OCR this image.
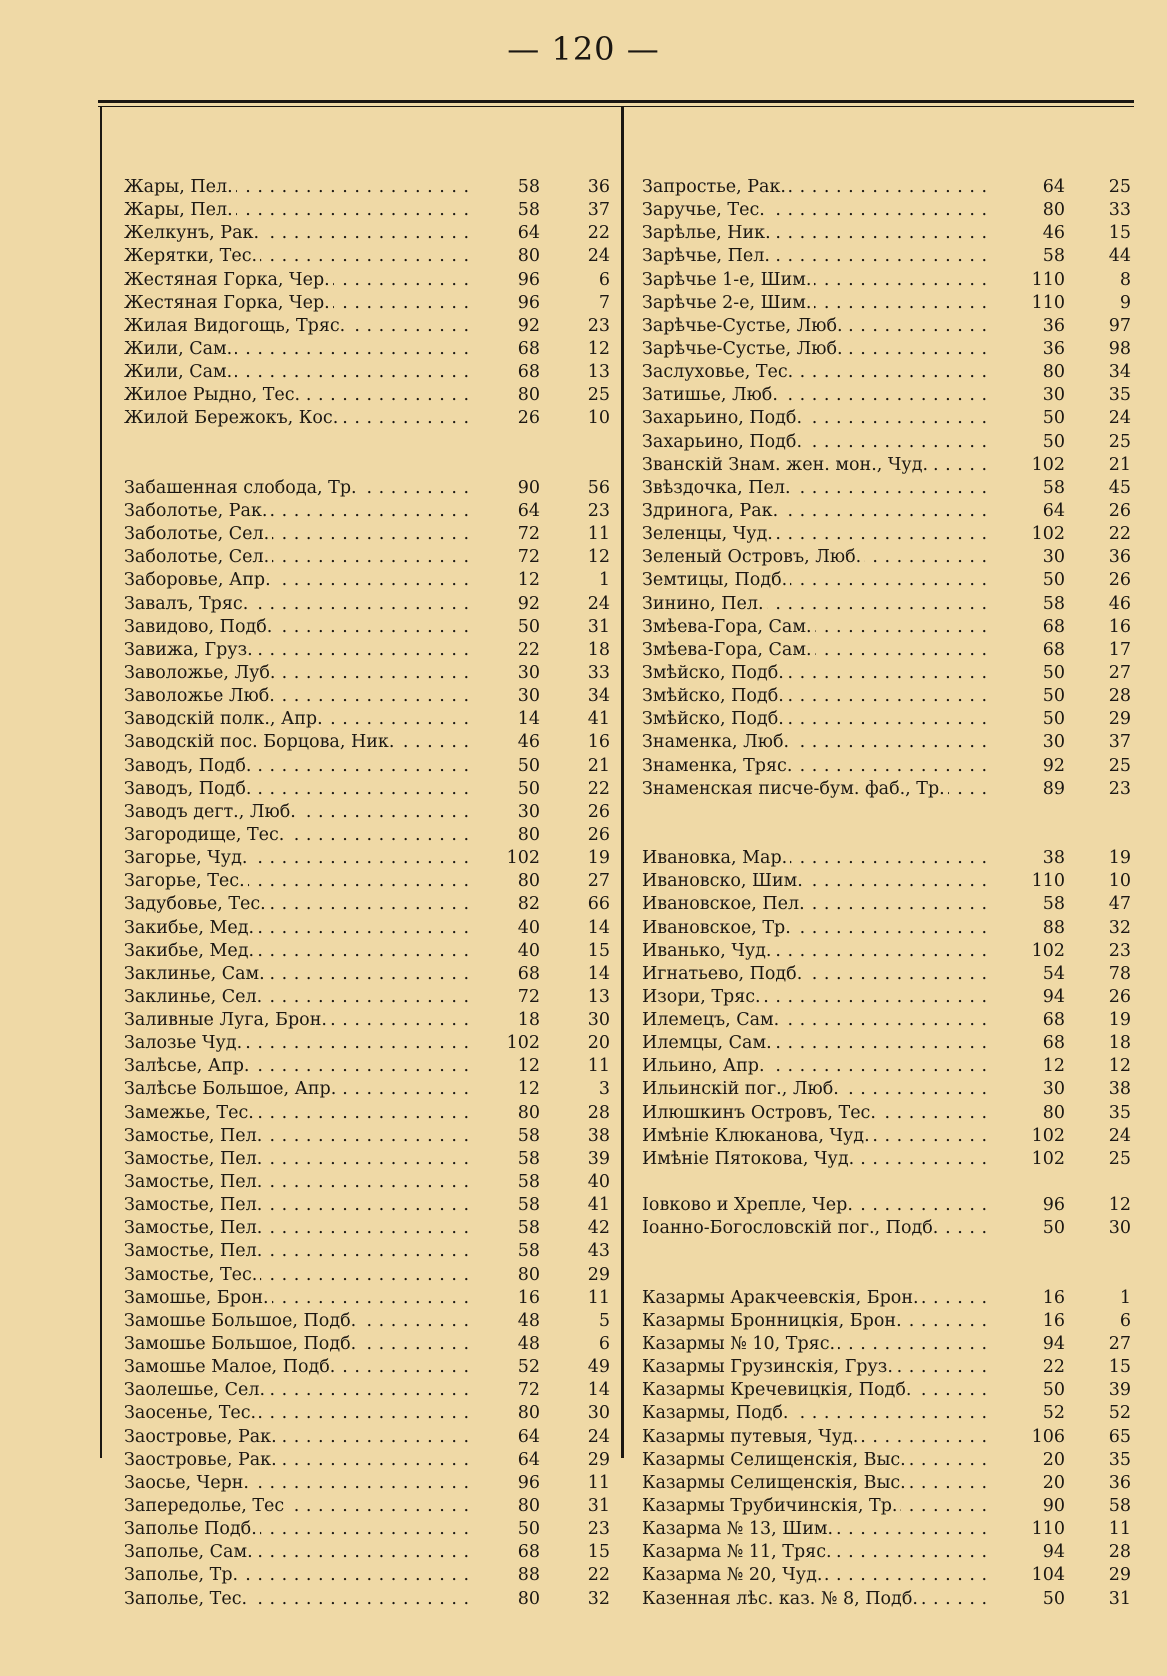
— 120 —
Жары, Пел. . . .	58	36
Жары, Пел. . . .	58	37
Желкунъ, Рак. . . .	64	22
Жерятки, Тес. . . .	80	24
Жестяная Горка, Чер. . . .	96	6
Жестяная Горка, Чер. . . .	96	7
Жилая Видогощь, Тряс. . . .	92	23
Жили, Сам. . . .	68	12
Жили, Сам. . . .	68	13
Жилое Рыдно, Тес. . . .	80	25
Жилой Бережокъ, Кос. . . .	26	10
Забашенная слобода, Тр. . . .	90	56
Заболотье, Рак. . . .	64	23
Заболотье, Сел. . . .	72	11
Заболотье, Сел. . . .	72	12
Заборовье, Апр. . . .	12	1
Завалъ, Тряс. . . .	92	24
Завидово, Подб. . . .	50	31
Завижа, Груз. . . .	22	18
Заволожье, Луб. . . .	30	33
Заволожье Люб. . . .	30	34
Заводскій полк., Апр. . . .	14	41
Заводскій пос. Борцова, Ник. . . .	46	16
Заводъ, Подб. . . .	50	21
Заводъ, Подб. . . .	50	22
Заводъ дегт., Люб. . . .	30	26
Загородище, Тес. . . .	80	26
Загорье, Чуд. . . .	102	19
Загорье, Тес. . . .	80	27
Задубовье, Тес. . . .	82	66
Закибье, Мед. . . .	40	14
Закибье, Мед. . . .	40	15
Заклинье, Сам. . . .	68	14
Заклинье, Сел. . . .	72	13
Заливные Луга, Брон. . . .	18	30
Залозье Чуд. . . .	102	20
Залѣсье, Апр. . . .	12	11
Залѣсье Большое, Апр. . . .	12	3
Замежье, Тес. . . .	80	28
Замостье, Пел. . . .	58	38
Замостье, Пел. . . .	58	39
Замостье, Пел. . . .	58	40
Замостье, Пел. . . .	58	41
Замостье, Пел. . . .	58	42
Замостье, Пел. . . .	58	43
Замостье, Тес. . . .	80	29
Замошье, Брон. . . .	16	11
Замошье Большое, Подб. . . .	48	5
Замошье Большое, Подб. . . .	48	6
Замошье Малое, Подб. . . .	52	49
Заолешье, Сел. . . .	72	14
Заосенье, Тес. . . .	80	30
Заостровье, Рак. . . .	64	24
Заостровье, Рак. . . .	64	29
Заосье, Черн. . . .	96	11
Запередолье, Тес . . .	80	31
Заполье Подб. . . .	50	23
Заполье, Сам. . . .	68	15
Заполье, Тр. . . .	88	22
Заполье, Тес. . . .	80	32
Запростье, Рак. . . .	64	25
Заручье, Тес. . . .	80	33
Зарѣлье, Ник. . . .	46	15
Зарѣчье, Пел. . . .	58	44
Зарѣчье 1-е, Шим. . . .	110	8
Зарѣчье 2-е, Шим. . . .	110	9
Зарѣчье-Сустье, Люб. . . .	36	97
Зарѣчье-Сустье, Люб. . . .	36	98
Заслуховье, Тес. . . .	80	34
Затишье, Люб. . . .	30	35
Захарьино, Подб. . . .	50	24
Захарьино, Подб. . . .	50	25
Званскій Знам. жен. мон., Чуд. . . .	102	21
Звѣздочка, Пел. . . .	58	45
Здринога, Рак. . . .	64	26
Зеленцы, Чуд. . . .	102	22
Зеленый Островъ, Люб. . . .	30	36
Земтицы, Подб. . . .	50	26
Зинино, Пел. . . .	58	46
Змѣева-Гора, Сам. . . .	68	16
Змѣева-Гора, Сам. . . .	68	17
Змѣйско, Подб. . . .	50	27
Змѣйско, Подб. . . .	50	28
Змѣйско, Подб. . . .	50	29
Знаменка, Люб. . . .	30	37
Знаменка, Тряс. . . .	92	25
Знаменская писче-бум. фаб., Тр. . . .	89	23
Ивановка, Мар. . . .	38	19
Ивановско, Шим. . . .	110	10
Ивановское, Пел. . . .	58	47
Ивановское, Тр. . . .	88	32
Иванько, Чуд. . . .	102	23
Игнатьево, Подб. . . .	54	78
Изори, Тряс. . . .	94	26
Илемецъ, Сам. . . .	68	19
Илемцы, Сам. . . .	68	18
Ильино, Апр. . . .	12	12
Ильинскій пог., Люб. . . .	30	38
Илюшкинъ Островъ, Тес. . . .	80	35
Имѣніе Клюканова, Чуд. . . .	102	24
Имѣніе Пятокова, Чуд. . . .	102	25
Іовково и Хрепле, Чер. . . .	96	12
Іоанно-Богословскій пог., Подб. . . .	50	30
Казармы Аракчеевскія, Брон. . . .	16	1
Казармы Бронницкія, Брон. . . .	16	6
Казармы № 10, Тряс. . . .	94	27
Казармы Грузинскія, Груз. . . .	22	15
Казармы Кречевицкія, Подб. . . .	50	39
Казармы, Подб. . . .	52	52
Казармы путевыя, Чуд. . . .	106	65
Казармы Селищенскія, Выс. . . .	20	35
Казармы Селищенскія, Выс. . . .	20	36
Казармы Трубичинскія, Тр. . . .	90	58
Казарма № 13, Шим. . . .	110	11
Казарма № 11, Тряс. . . .	94	28
Казарма № 20, Чуд. . . .	104	29
Казенная лѣс. каз. № 8, Подб. . . .	50	31
